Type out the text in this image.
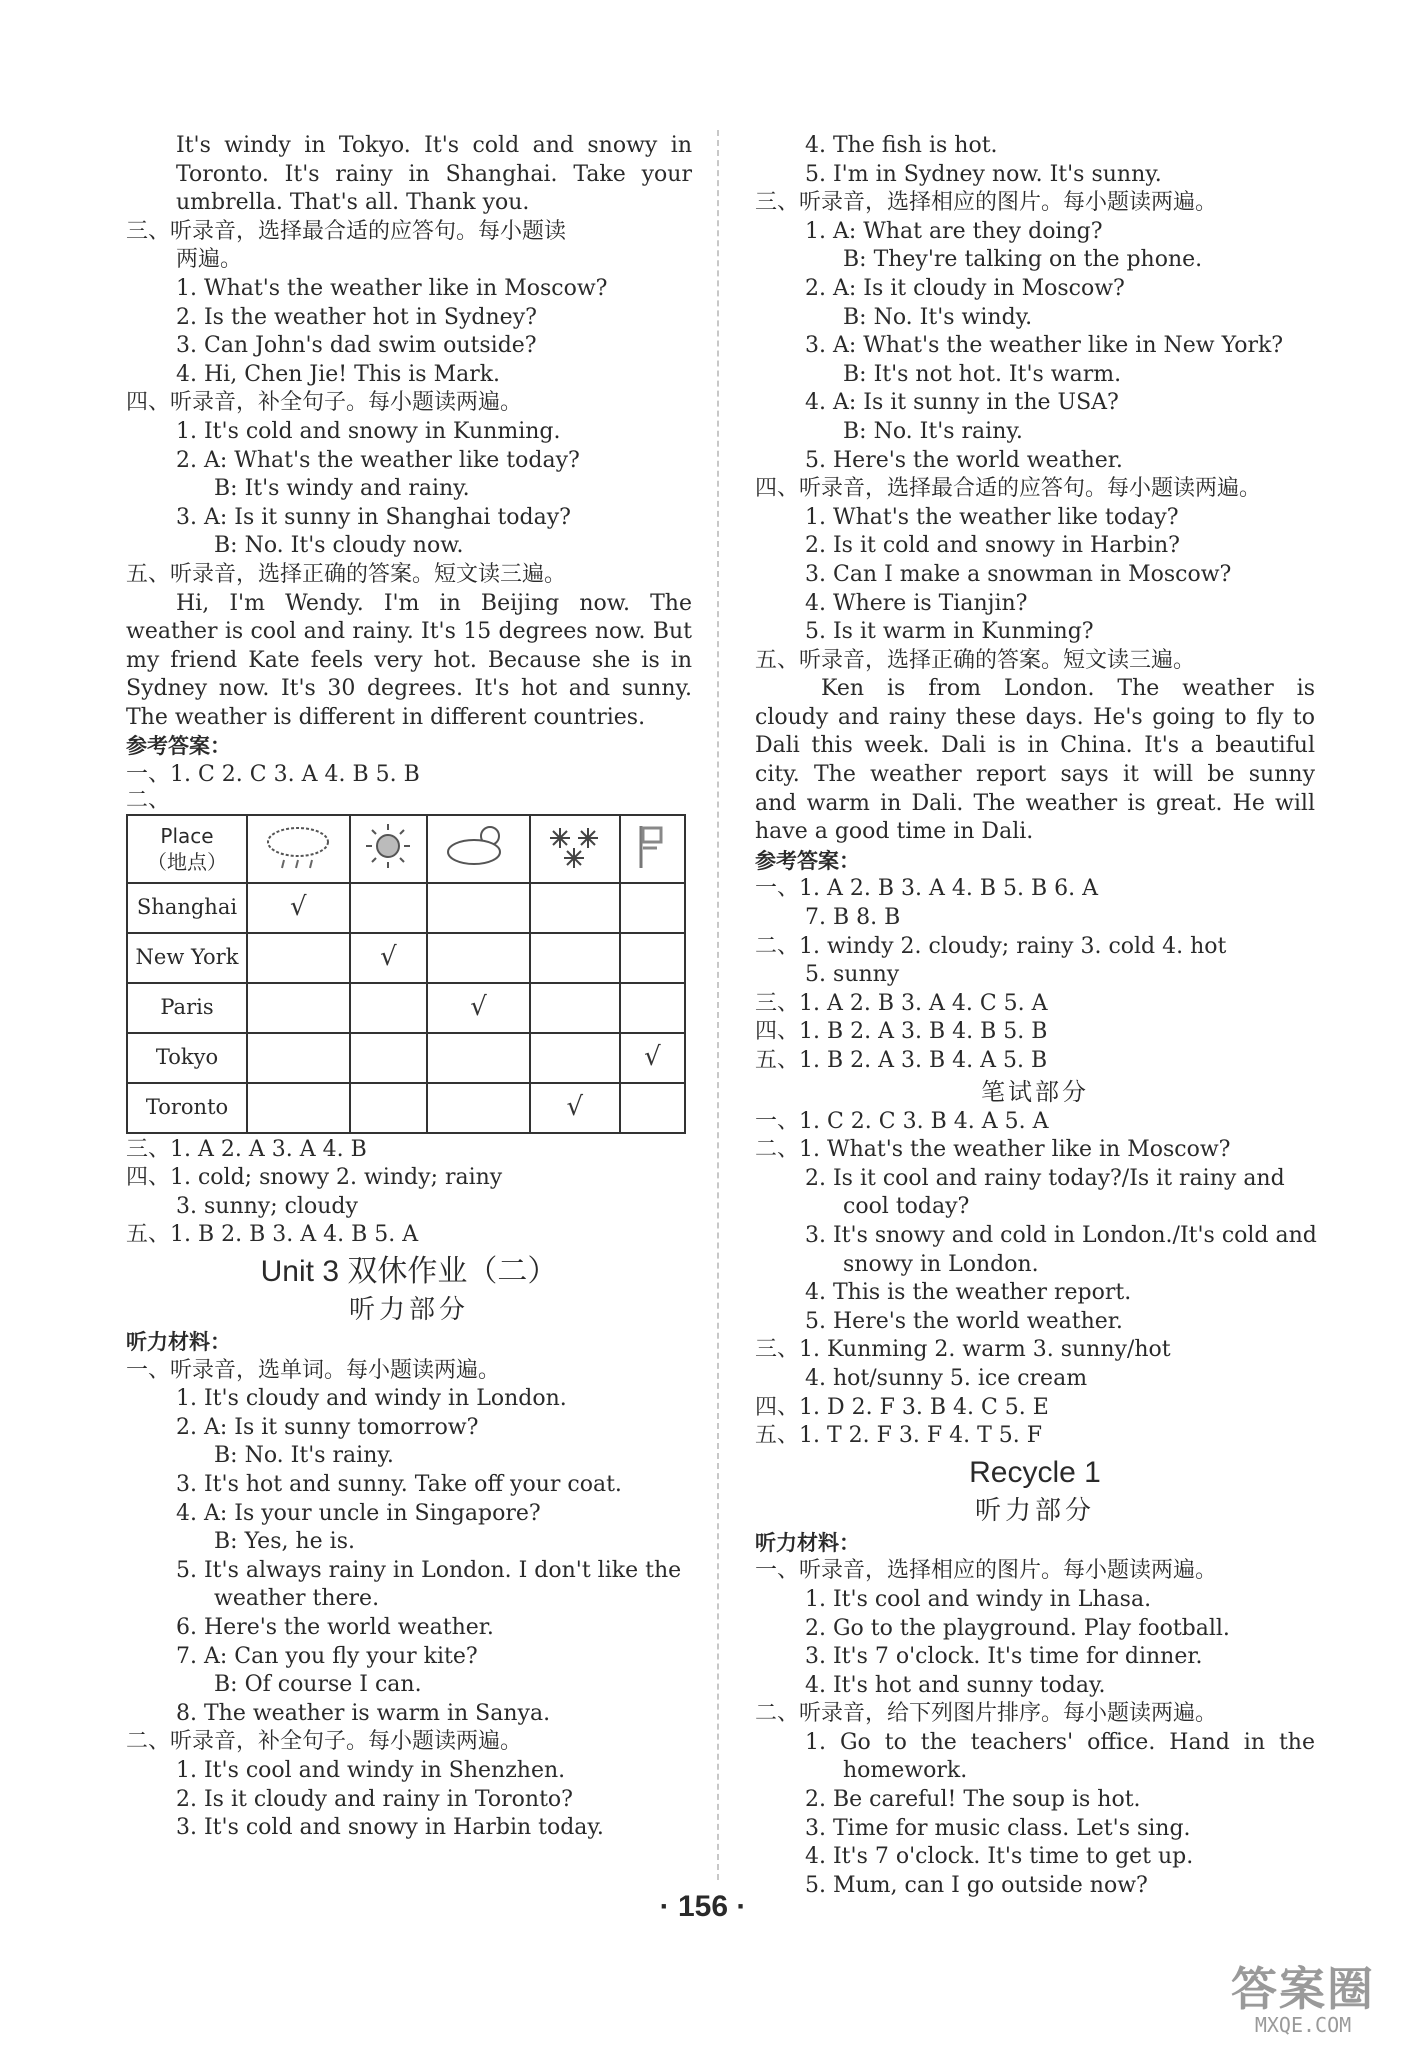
It's windy in Tokyo. It's cold and snowy in
Toronto. It's rainy in Shanghai. Take your
umbrella. That's all. Thank you.
三、听录音，选择最合适的应答句。每小题读
两遍。
1. What's the weather like in Moscow?
2. Is the weather hot in Sydney?
3. Can John's dad swim outside?
4. Hi, Chen Jie! This is Mark.
四、听录音，补全句子。每小题读两遍。
1. It's cold and snowy in Kunming.
2. A: What's the weather like today?
B: It's windy and rainy.
3. A: Is it sunny in Shanghai today?
B: No. It's cloudy now.
五、听录音，选择正确的答案。短文读三遍。
Hi, I'm Wendy. I'm in Beijing now. The
weather is cool and rainy. It's 15 degrees now. But
my friend Kate feels very hot. Because she is in
Sydney now. It's 30 degrees. It's hot and sunny.
The weather is different in different countries.
参考答案：
一、1. C 2. C 3. A 4. B 5. B
二、
Place
（地点）					
Shanghai	√				
New York		√			
Paris			√		
Tokyo					√
Toronto				√	
三、1. A 2. A 3. A 4. B
四、1. cold; snowy 2. windy; rainy
3. sunny; cloudy
五、1. B 2. B 3. A 4. B 5. A
Unit 3 双休作业（二）
听力部分
听力材料：
一、听录音，选单词。每小题读两遍。
1. It's cloudy and windy in London.
2. A: Is it sunny tomorrow?
B: No. It's rainy.
3. It's hot and sunny. Take off your coat.
4. A: Is your uncle in Singapore?
B: Yes, he is.
5. It's always rainy in London. I don't like the
weather there.
6. Here's the world weather.
7. A: Can you fly your kite?
B: Of course I can.
8. The weather is warm in Sanya.
二、听录音，补全句子。每小题读两遍。
1. It's cool and windy in Shenzhen.
2. Is it cloudy and rainy in Toronto?
3. It's cold and snowy in Harbin today.
4. The fish is hot.
5. I'm in Sydney now. It's sunny.
三、听录音，选择相应的图片。每小题读两遍。
1. A: What are they doing?
B: They're talking on the phone.
2. A: Is it cloudy in Moscow?
B: No. It's windy.
3. A: What's the weather like in New York?
B: It's not hot. It's warm.
4. A: Is it sunny in the USA?
B: No. It's rainy.
5. Here's the world weather.
四、听录音，选择最合适的应答句。每小题读两遍。
1. What's the weather like today?
2. Is it cold and snowy in Harbin?
3. Can I make a snowman in Moscow?
4. Where is Tianjin?
5. Is it warm in Kunming?
五、听录音，选择正确的答案。短文读三遍。
Ken is from London. The weather is
cloudy and rainy these days. He's going to fly to
Dali this week. Dali is in China. It's a beautiful
city. The weather report says it will be sunny
and warm in Dali. The weather is great. He will
have a good time in Dali.
参考答案：
一、1. A 2. B 3. A 4. B 5. B 6. A
7. B 8. B
二、1. windy 2. cloudy; rainy 3. cold 4. hot
5. sunny
三、1. A 2. B 3. A 4. C 5. A
四、1. B 2. A 3. B 4. B 5. B
五、1. B 2. A 3. B 4. A 5. B
笔试部分
一、1. C 2. C 3. B 4. A 5. A
二、1. What's the weather like in Moscow?
2. Is it cool and rainy today?/Is it rainy and
cool today?
3. It's snowy and cold in London./It's cold and
snowy in London.
4. This is the weather report.
5. Here's the world weather.
三、1. Kunming 2. warm 3. sunny/hot
4. hot/sunny 5. ice cream
四、1. D 2. F 3. B 4. C 5. E
五、1. T 2. F 3. F 4. T 5. F
Recycle 1
听力部分
听力材料：
一、听录音，选择相应的图片。每小题读两遍。
1. It's cool and windy in Lhasa.
2. Go to the playground. Play football.
3. It's 7 o'clock. It's time for dinner.
4. It's hot and sunny today.
二、听录音，给下列图片排序。每小题读两遍。
1. Go to the teachers' office. Hand in the
homework.
2. Be careful! The soup is hot.
3. Time for music class. Let's sing.
4. It's 7 o'clock. It's time to get up.
5. Mum, can I go outside now?
· 156 ·
答案圈
MXQE.COM
